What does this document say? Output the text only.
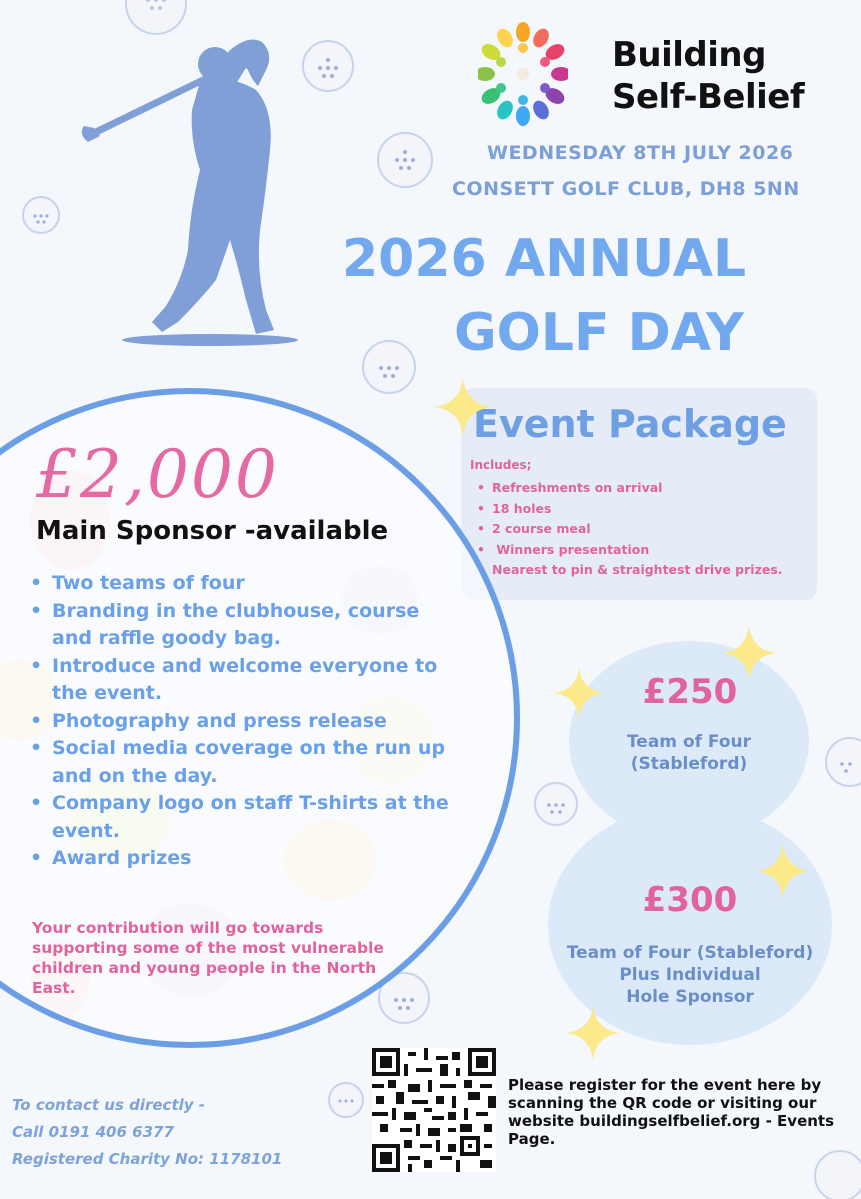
Building
Self-Belief
WEDNESDAY 8TH JULY 2026
CONSETT GOLF CLUB, DH8 5NN
2026 ANNUAL
GOLF DAY
Event Package
Includes;
• Refreshments on arrival
• 18 holes
• 2 course meal
• Winners presentation
• Nearest to pin & straightest drive prizes.
£2,000
Main Sponsor -available
• Two teams of four
• Branding in the clubhouse, course and raffle goody bag.
• Introduce and welcome everyone to the event.
• Photography and press release
• Social media coverage on the run up and on the day.
• Company logo on staff T-shirts at the event.
• Award prizes
Your contribution will go towards supporting some of the most vulnerable children and young people in the North East.
£250
Team of Four
(Stableford)
£300
Team of Four (Stableford)
Plus Individual
Hole Sponsor
Please register for the event here by scanning the QR code or visiting our website buildingselfbelief.org - Events Page.
To contact us directly -
Call 0191 406 6377
Registered Charity No: 1178101
